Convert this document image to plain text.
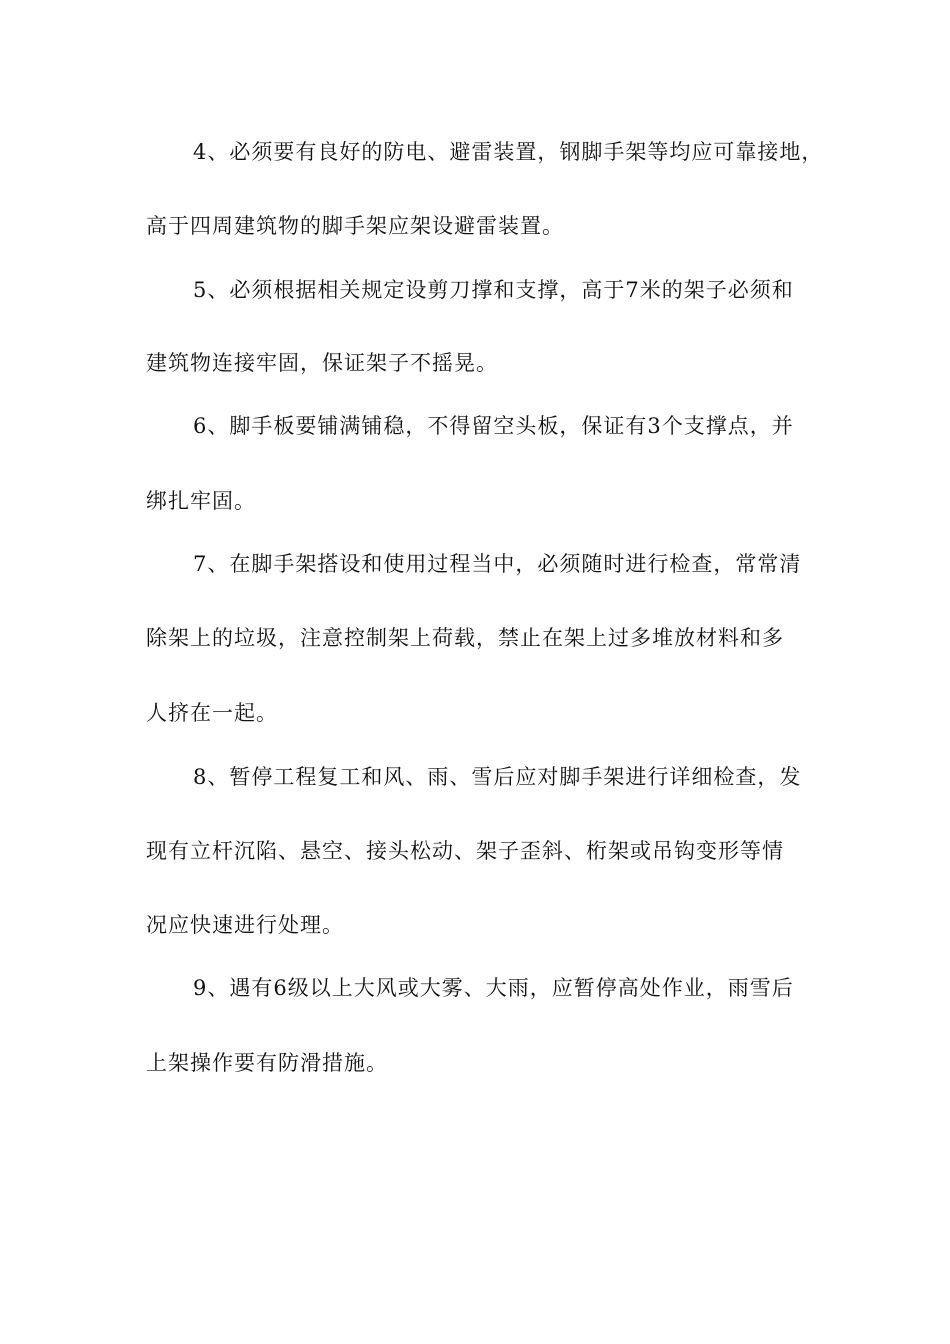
4、必须要有良好的防电、避雷装置，钢脚手架等均应可靠接地，
高于四周建筑物的脚手架应架设避雷装置。
5、必须根据相关规定设剪刀撑和支撑，高于7米的架子必须和
建筑物连接牢固，保证架子不摇晃。
6、脚手板要铺满铺稳，不得留空头板，保证有3个支撑点，并
绑扎牢固。
7、在脚手架搭设和使用过程当中，必须随时进行检查，常常清
除架上的垃圾，注意控制架上荷载，禁止在架上过多堆放材料和多
人挤在一起。
8、暂停工程复工和风、雨、雪后应对脚手架进行详细检查，发
现有立杆沉陷、悬空、接头松动、架子歪斜、桁架或吊钩变形等情
况应快速进行处理。
9、遇有6级以上大风或大雾、大雨，应暂停高处作业，雨雪后
上架操作要有防滑措施。
